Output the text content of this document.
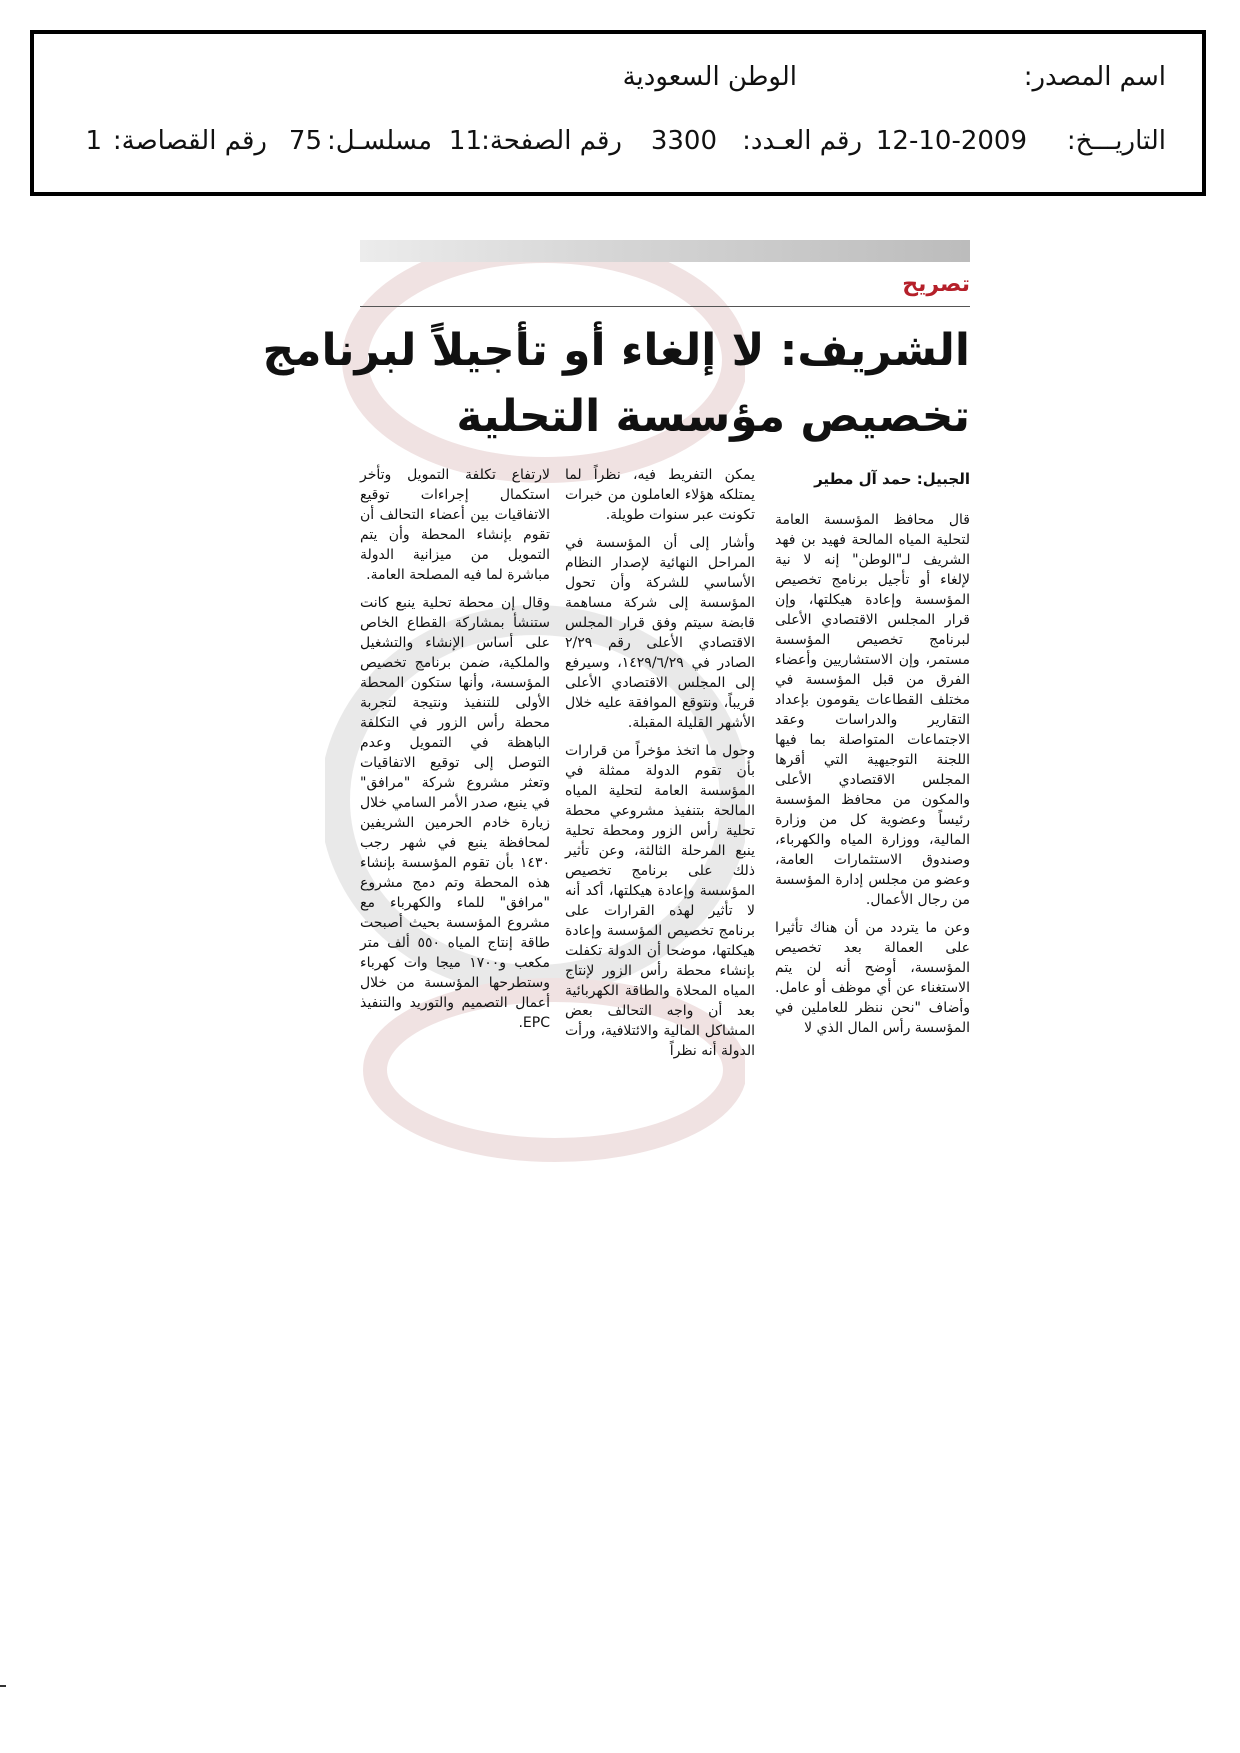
اسم المصدر:
الوطن السعودية
التاريـــخ:
12-10-2009
رقم العـدد:
3300
رقم الصفحة:
11
مسلسـل:
75
رقم القصاصة:
1
تصريح
الشريف: لا إلغاء أو تأجيلاً لبرنامج
تخصيص مؤسسة التحلية
الجبيل: حمد آل مطير

قال محافظ المؤسسة العامة لتحلية المياه المالحة فهيد بن فهد الشريف لـ"الوطن" إنه لا نية لإلغاء أو تأجيل برنامج تخصيص المؤسسة وإعادة هيكلتها، وإن قرار المجلس الاقتصادي الأعلى لبرنامج تخصيص المؤسسة مستمر، وإن الاستشاريين وأعضاء الفرق من قبل المؤسسة في مختلف القطاعات يقومون بإعداد التقارير والدراسات وعقد الاجتماعات المتواصلة بما فيها اللجنة التوجيهية التي أقرها المجلس الاقتصادي الأعلى والمكون من محافظ المؤسسة رئيساً وعضوية كل من وزارة المالية، ووزارة المياه والكهرباء، وصندوق الاستثمارات العامة، وعضو من مجلس إدارة المؤسسة من رجال الأعمال.

وعن ما يتردد من أن هناك تأثيرا على العمالة بعد تخصيص المؤسسة، أوضح أنه لن يتم الاستغناء عن أي موظف أو عامل. وأضاف "نحن ننظر للعاملين في المؤسسة رأس المال الذي لا

يمكن التفريط فيه، نظراً لما يمتلكه هؤلاء العاملون من خبرات تكونت عبر سنوات طويلة.

وأشار إلى أن المؤسسة في المراحل النهائية لإصدار النظام الأساسي للشركة وأن تحول المؤسسة إلى شركة مساهمة قابضة سيتم وفق قرار المجلس الاقتصادي الأعلى رقم ٢/٢٩ الصادر في ١٤٢٩/٦/٢٩، وسيرفع إلى المجلس الاقتصادي الأعلى قريباً، ونتوقع الموافقة عليه خلال الأشهر القليلة المقبلة.

وحول ما اتخذ مؤخراً من قرارات بأن تقوم الدولة ممثلة في المؤسسة العامة لتحلية المياه المالحة بتنفيذ مشروعي محطة تحلية رأس الزور ومحطة تحلية ينبع المرحلة الثالثة، وعن تأثير ذلك على برنامج تخصيص المؤسسة وإعادة هيكلتها، أكد أنه لا تأثير لهذه القرارات على برنامج تخصيص المؤسسة وإعادة هيكلتها، موضحا أن الدولة تكفلت بإنشاء محطة رأس الزور لإنتاج المياه المحلاة والطاقة الكهربائية بعد أن واجه التحالف بعض المشاكل المالية والائتلافية، ورأت الدولة أنه نظراً

لارتفاع تكلفة التمويل وتأخر استكمال إجراءات توقيع الاتفاقيات بين أعضاء التحالف أن تقوم بإنشاء المحطة وأن يتم التمويل من ميزانية الدولة مباشرة لما فيه المصلحة العامة.

وقال إن محطة تحلية ينبع كانت ستنشأ بمشاركة القطاع الخاص على أساس الإنشاء والتشغيل والملكية، ضمن برنامج تخصيص المؤسسة، وأنها ستكون المحطة الأولى للتنفيذ ونتيجة لتجربة محطة رأس الزور في التكلفة الباهظة في التمويل وعدم التوصل إلى توقيع الاتفاقيات وتعثر مشروع شركة "مرافق" في ينبع، صدر الأمر السامي خلال زيارة خادم الحرمين الشريفين لمحافظة ينبع في شهر رجب ١٤٣٠ بأن تقوم المؤسسة بإنشاء هذه المحطة وتم دمج مشروع "مرافق" للماء والكهرباء مع مشروع المؤسسة بحيث أصبحت طاقة إنتاج المياه ٥٥٠ ألف متر مكعب و١٧٠٠ ميجا وات كهرباء وستطرحها المؤسسة من خلال أعمال التصميم والتوريد والتنفيذ EPC.
